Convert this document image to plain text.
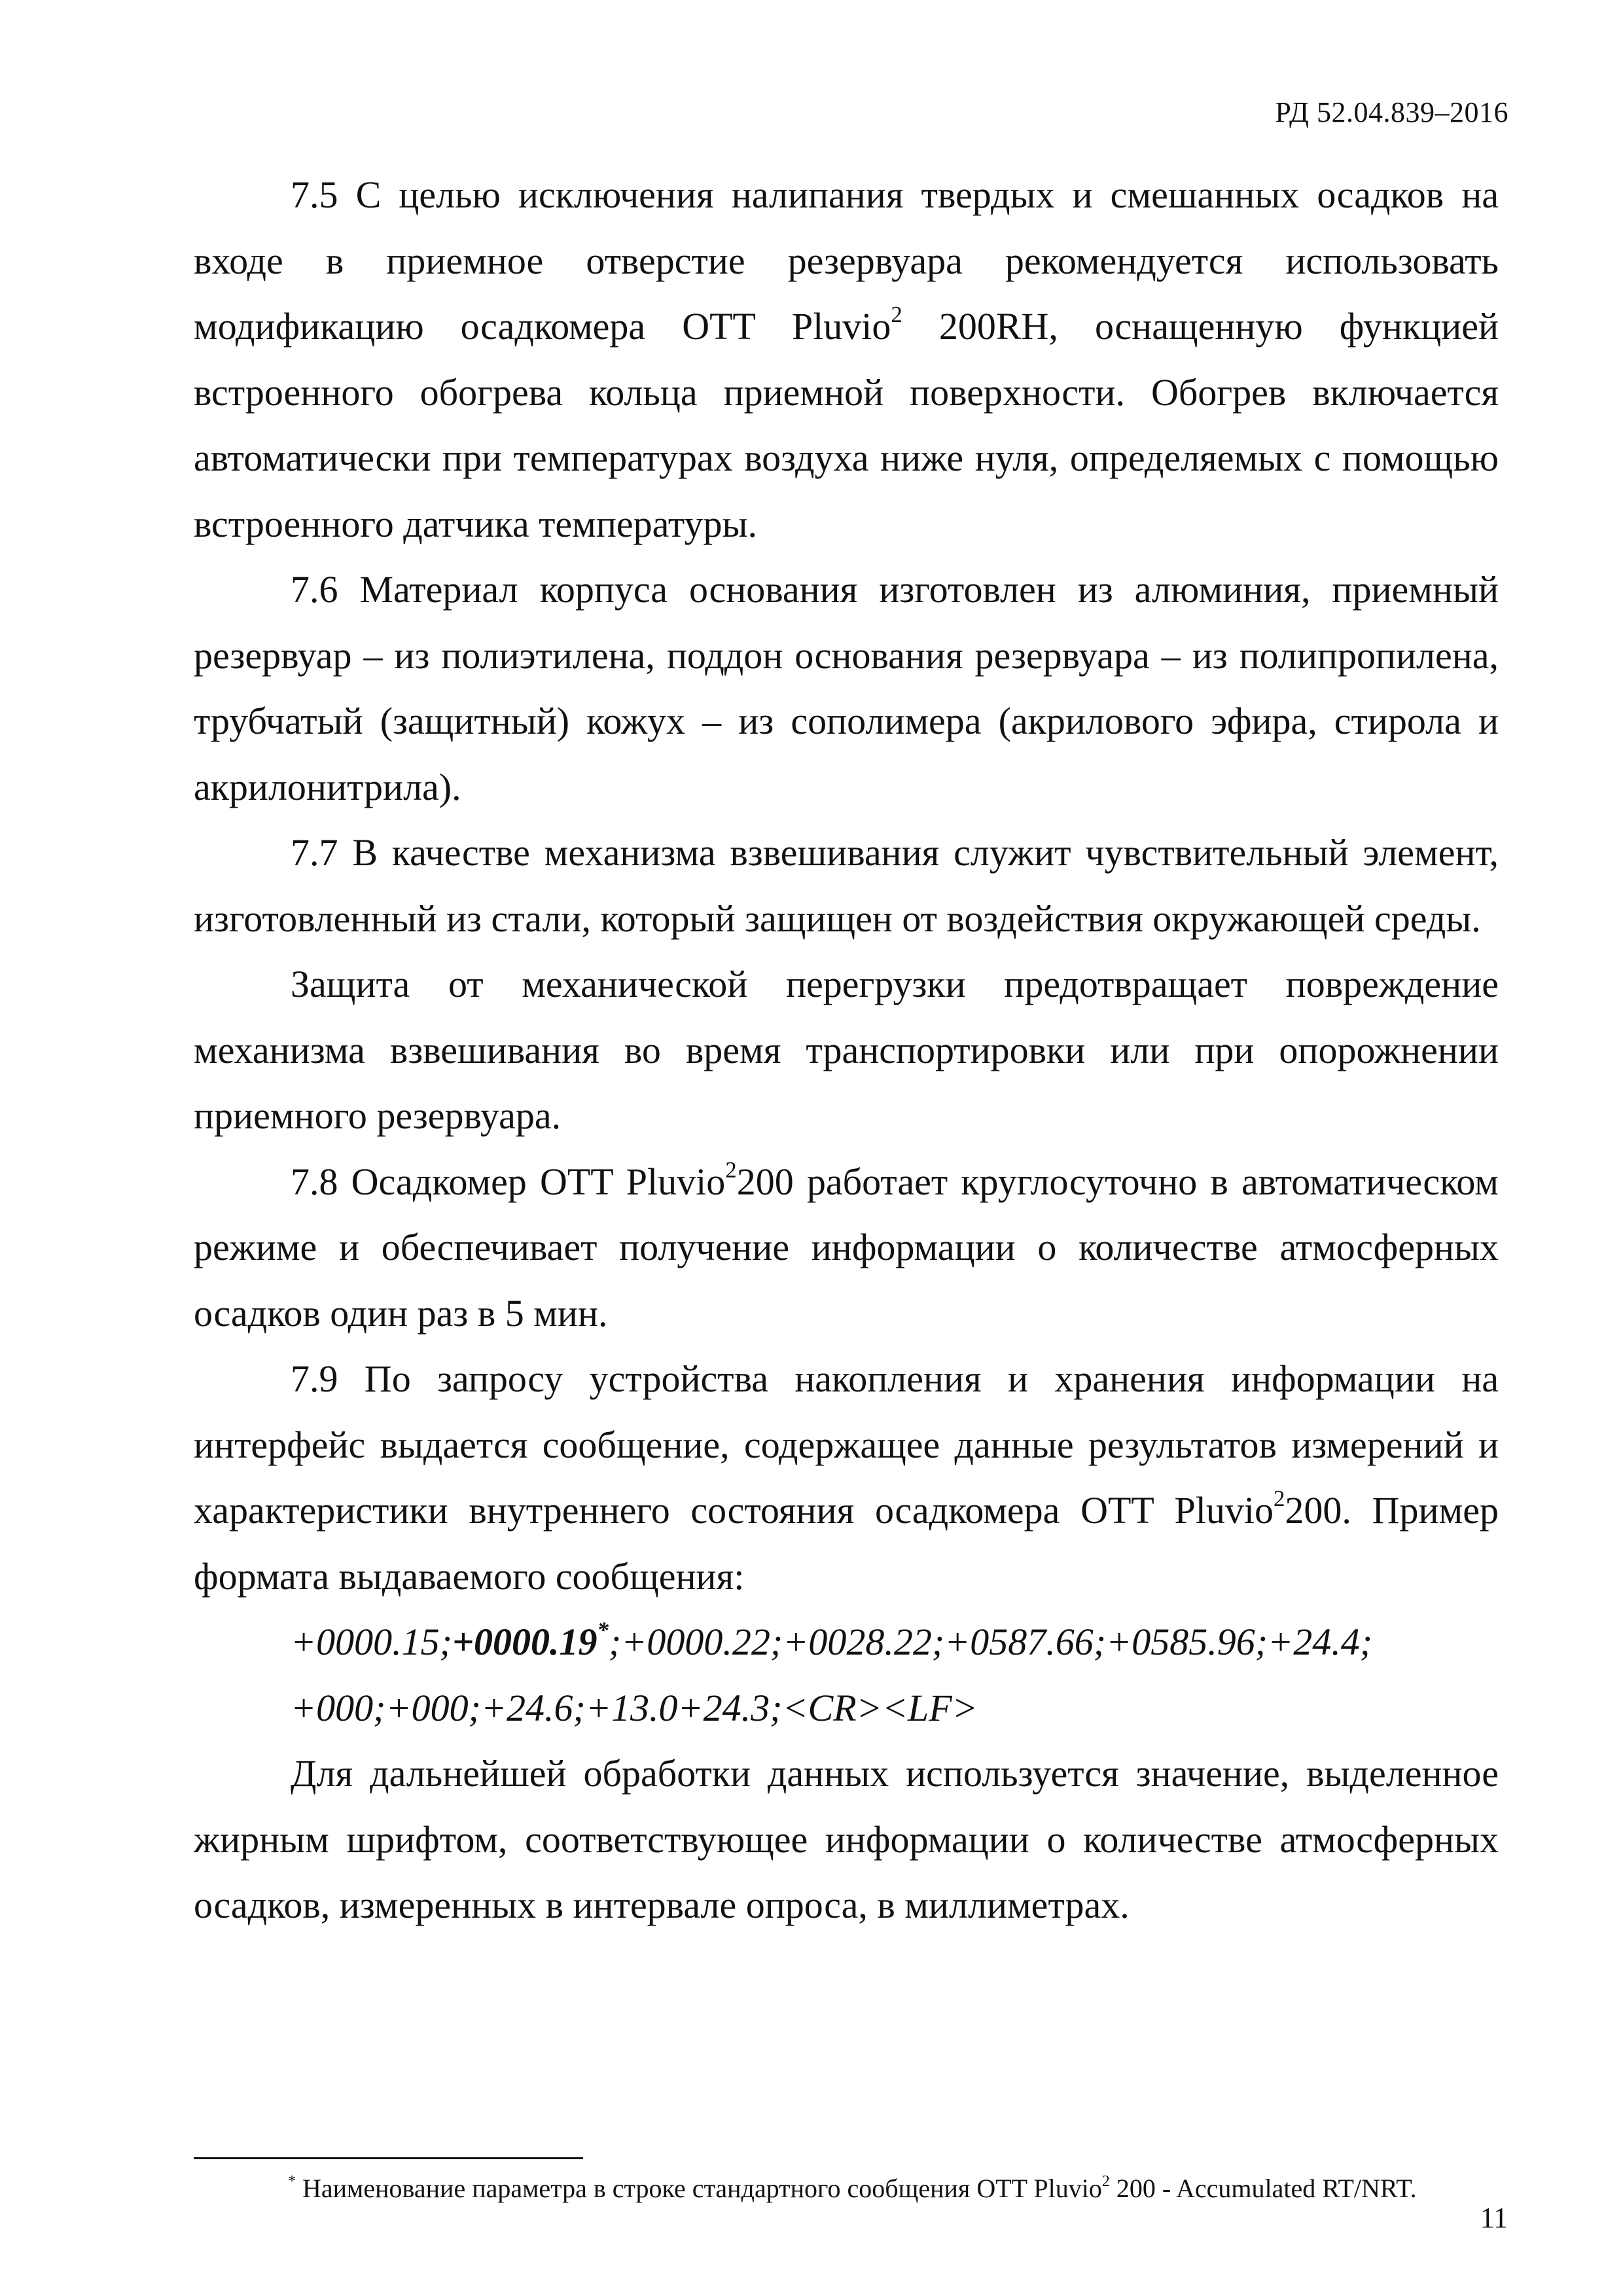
РД 52.04.839–2016

7.5 С целью исключения налипания твердых и смешанных осадков на входе в приемное отверстие резервуара рекомендуется использовать модификацию осадкомера OTT Pluvio$^2$ 200RH, оснащенную функцией встроенного обогрева кольца приемной поверхности. Обогрев включается автоматически при температурах воздуха ниже нуля, определяемых с помощью встроенного датчика температуры.

7.6 Материал корпуса основания изготовлен из алюминия, приемный резервуар – из полиэтилена, поддон основания резервуара – из полипропилена, трубчатый (защитный) кожух – из сополимера (акрилового эфира, стирола и акрилонитрила).

7.7 В качестве механизма взвешивания служит чувствительный элемент, изготовленный из стали, который защищен от воздействия окружающей среды.

Защита от механической перегрузки предотвращает повреждение механизма взвешивания во время транспортировки или при опорожнении приемного резервуара.

7.8 Осадкомер OTT Pluvio$^2$200 работает круглосуточно в автоматическом режиме и обеспечивает получение информации о количестве атмосферных осадков один раз в 5 мин.

7.9 По запросу устройства накопления и хранения информации на интерфейс выдается сообщение, содержащее данные результатов измерений и характеристики внутреннего состояния осадкомера OTT Pluvio$^2$200. Пример формата выдаваемого сообщения:

+0000.15;+0000.19*;+0000.22;+0028.22;+0587.66;+0585.96;+24.4;
+000;+000;+24.6;+13.0+24.3;<CR><LF>

Для дальнейшей обработки данных используется значение, выделенное жирным шрифтом, соответствующее информации о количестве атмосферных осадков, измеренных в интервале опроса, в миллиметрах.

* Наименование параметра в строке стандартного сообщения OTT Pluvio$^2$ 200 - Accumulated RT/NRT.
11
